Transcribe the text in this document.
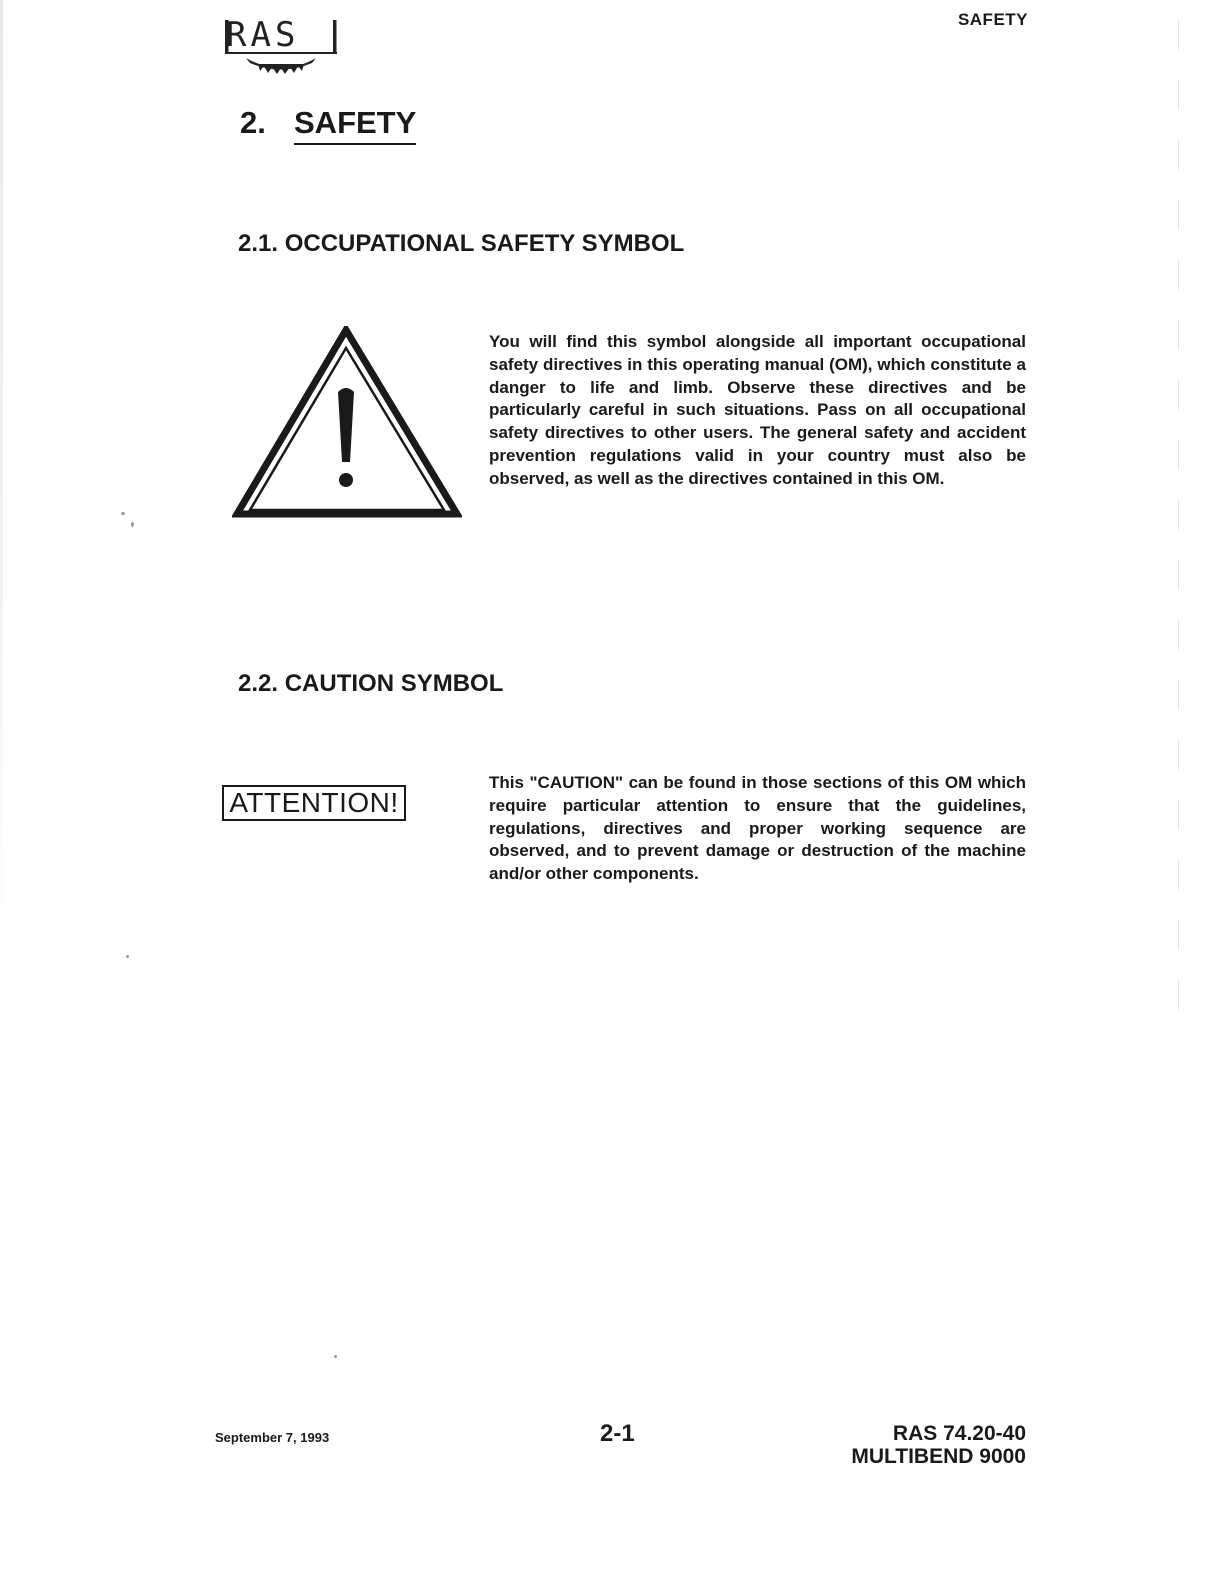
RAS	SAFETY
2. SAFETY
2.1. OCCUPATIONAL SAFETY SYMBOL

You will find this symbol alongside all important occupational safety directives in this operating manual (OM), which constitute a danger to life and limb. Observe these directives and be particularly careful in such situations. Pass on all occupational safety directives to other users. The general safety and accident prevention regulations valid in your country must also be observed, as well as the directives contained in this OM.

2.2. CAUTION SYMBOL
ATTENTION!

This "CAUTION" can be found in those sections of this OM which require particular attention to ensure that the guidelines, regulations, directives and proper working sequence are observed, and to prevent damage or destruction of the machine and/or other components.

September 7, 1993	2-1	RAS 74.20-40
MULTIBEND 9000
